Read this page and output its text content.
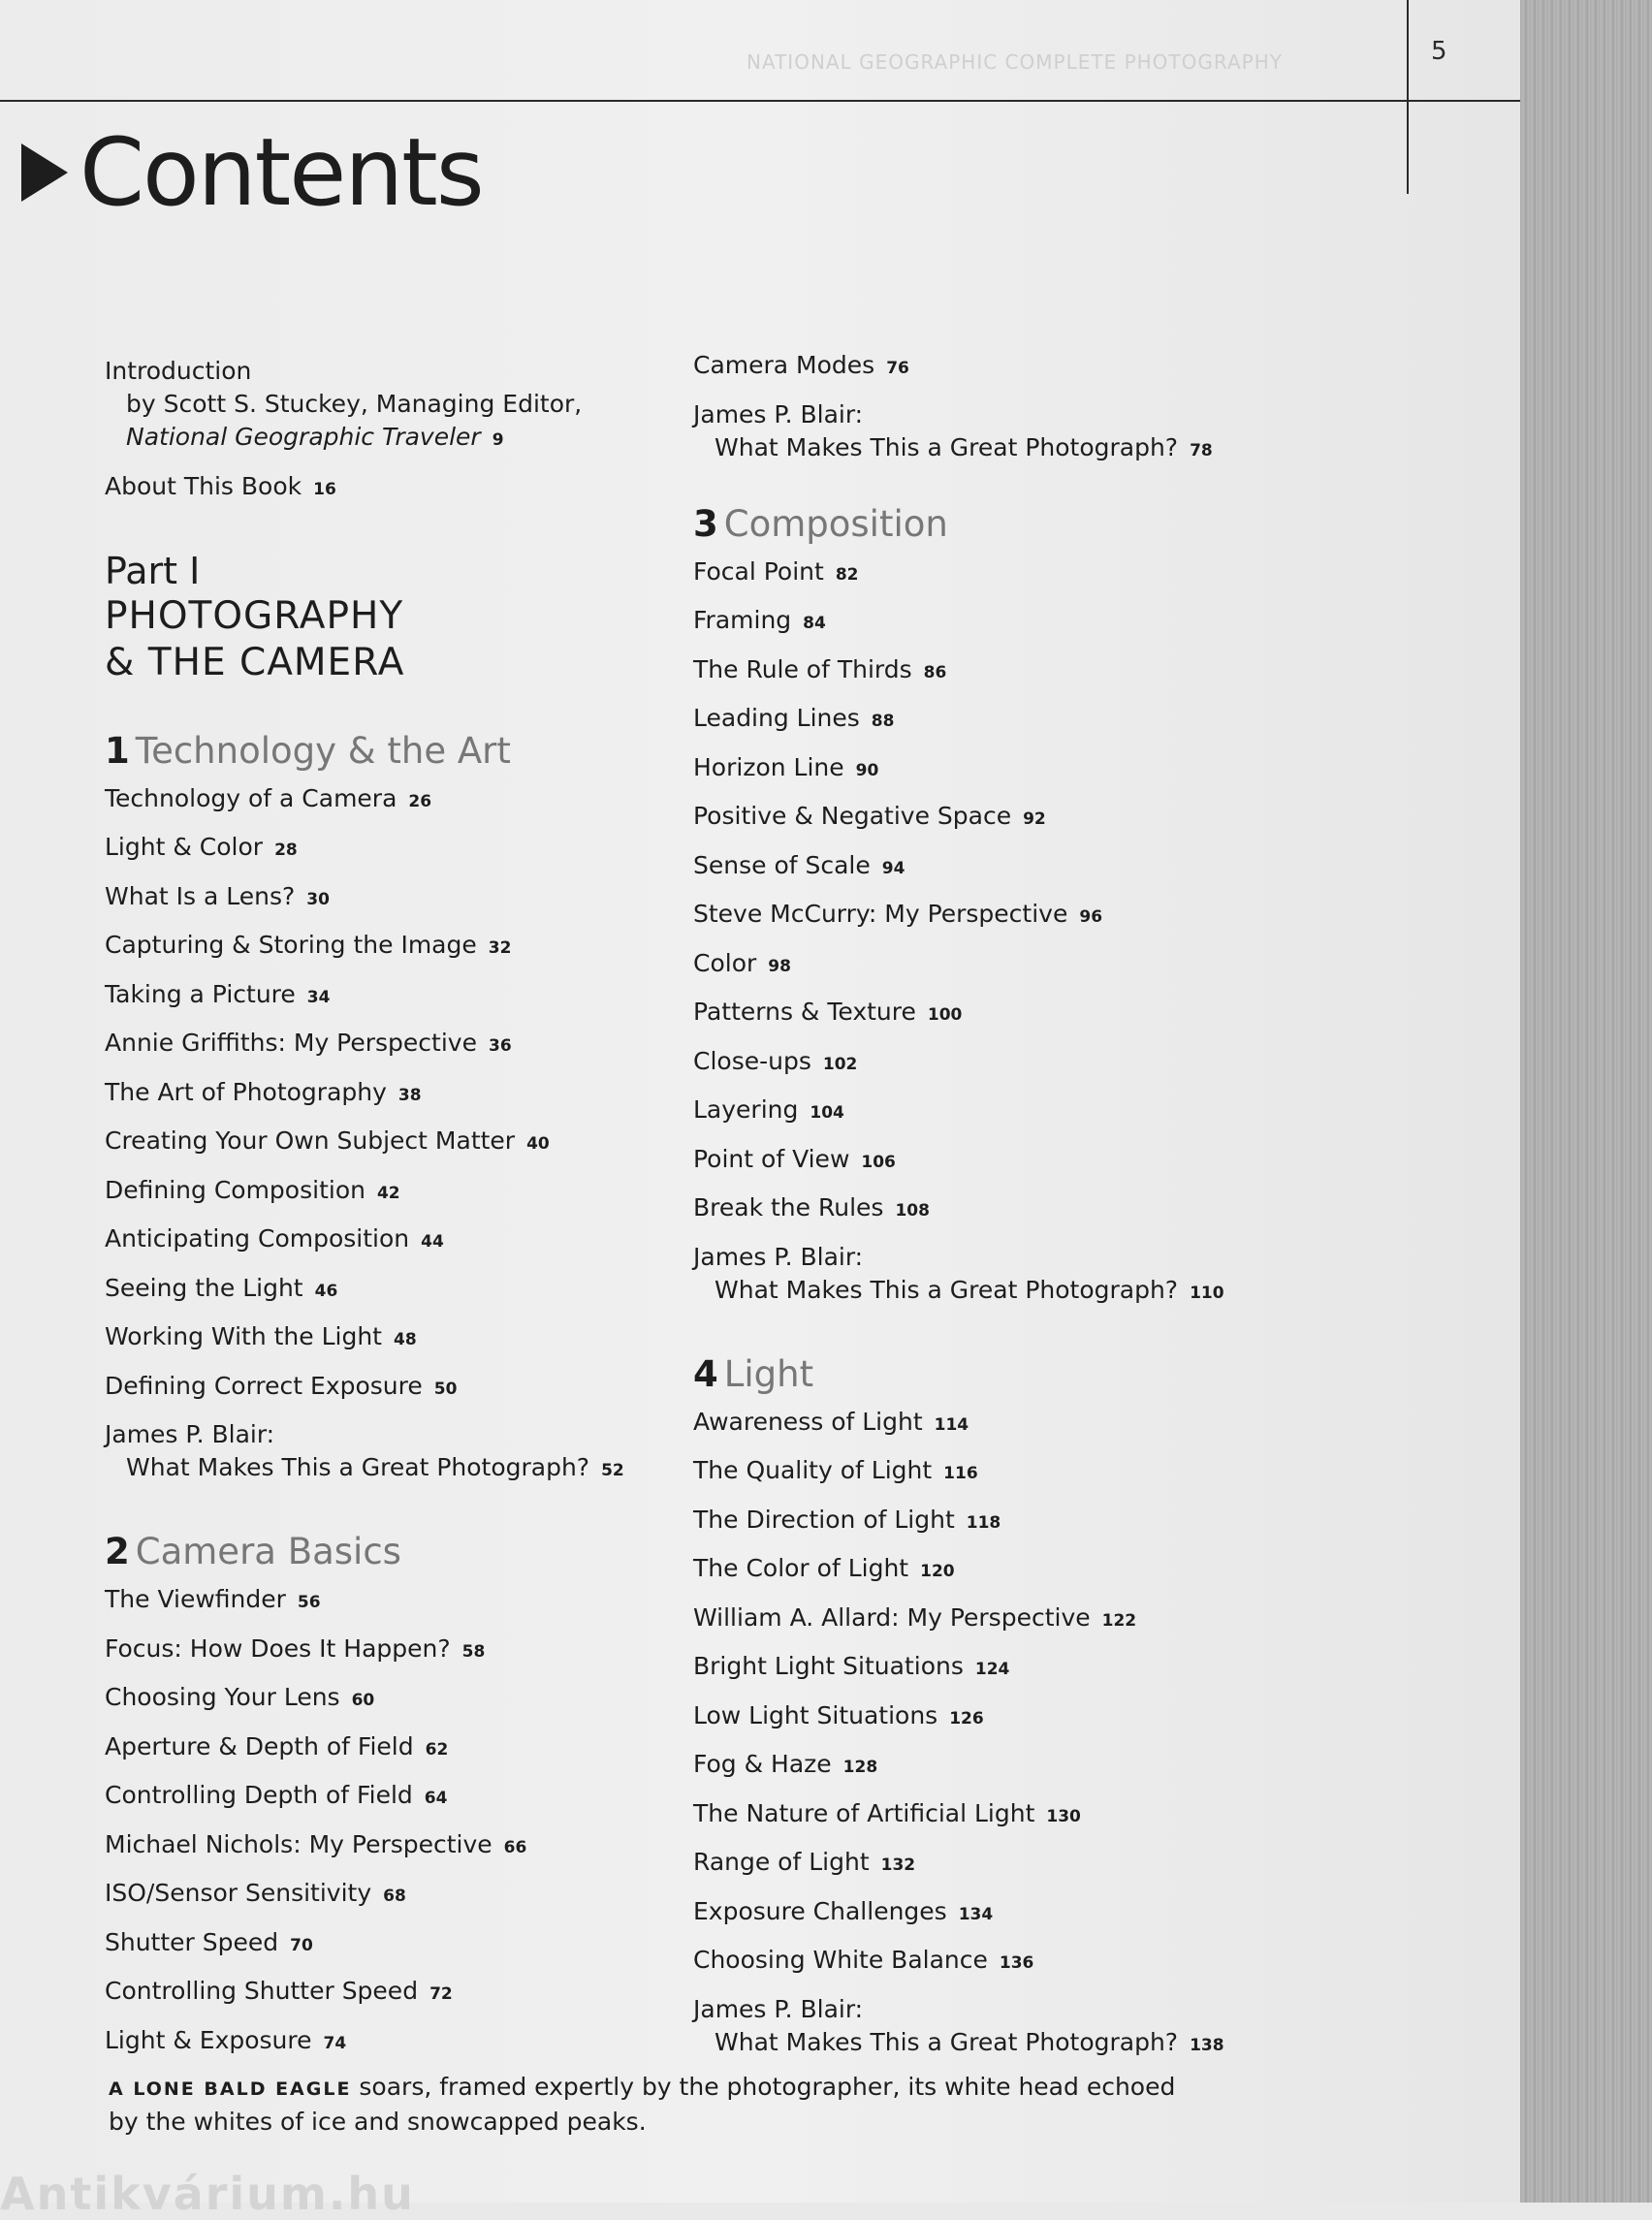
NATIONAL GEOGRAPHIC COMPLETE PHOTOGRAPHY	5
Contents
Introduction
by Scott S. Stuckey, Managing Editor,
National Geographic Traveler 9
About This Book 16
Part I
PHOTOGRAPHY
& THE CAMERA
1 Technology & the Art
Technology of a Camera 26
Light & Color 28
What Is a Lens? 30
Capturing & Storing the Image 32
Taking a Picture 34
Annie Griffiths: My Perspective 36
The Art of Photography 38
Creating Your Own Subject Matter 40
Defining Composition 42
Anticipating Composition 44
Seeing the Light 46
Working With the Light 48
Defining Correct Exposure 50
James P. Blair:
What Makes This a Great Photograph? 52
2 Camera Basics
The Viewfinder 56
Focus: How Does It Happen? 58
Choosing Your Lens 60
Aperture & Depth of Field 62
Controlling Depth of Field 64
Michael Nichols: My Perspective 66
ISO/Sensor Sensitivity 68
Shutter Speed 70
Controlling Shutter Speed 72
Light & Exposure 74
Camera Modes 76
James P. Blair:
What Makes This a Great Photograph? 78
3 Composition
Focal Point 82
Framing 84
The Rule of Thirds 86
Leading Lines 88
Horizon Line 90
Positive & Negative Space 92
Sense of Scale 94
Steve McCurry: My Perspective 96
Color 98
Patterns & Texture 100
Close-ups 102
Layering 104
Point of View 106
Break the Rules 108
James P. Blair:
What Makes This a Great Photograph? 110
4 Light
Awareness of Light 114
The Quality of Light 116
The Direction of Light 118
The Color of Light 120
William A. Allard: My Perspective 122
Bright Light Situations 124
Low Light Situations 126
Fog & Haze 128
The Nature of Artificial Light 130
Range of Light 132
Exposure Challenges 134
Choosing White Balance 136
James P. Blair:
What Makes This a Great Photograph? 138
A LONE BALD EAGLE soars, framed expertly by the photographer, its white head echoed by the whites of ice and snowcapped peaks.
Antikvárium.hu
